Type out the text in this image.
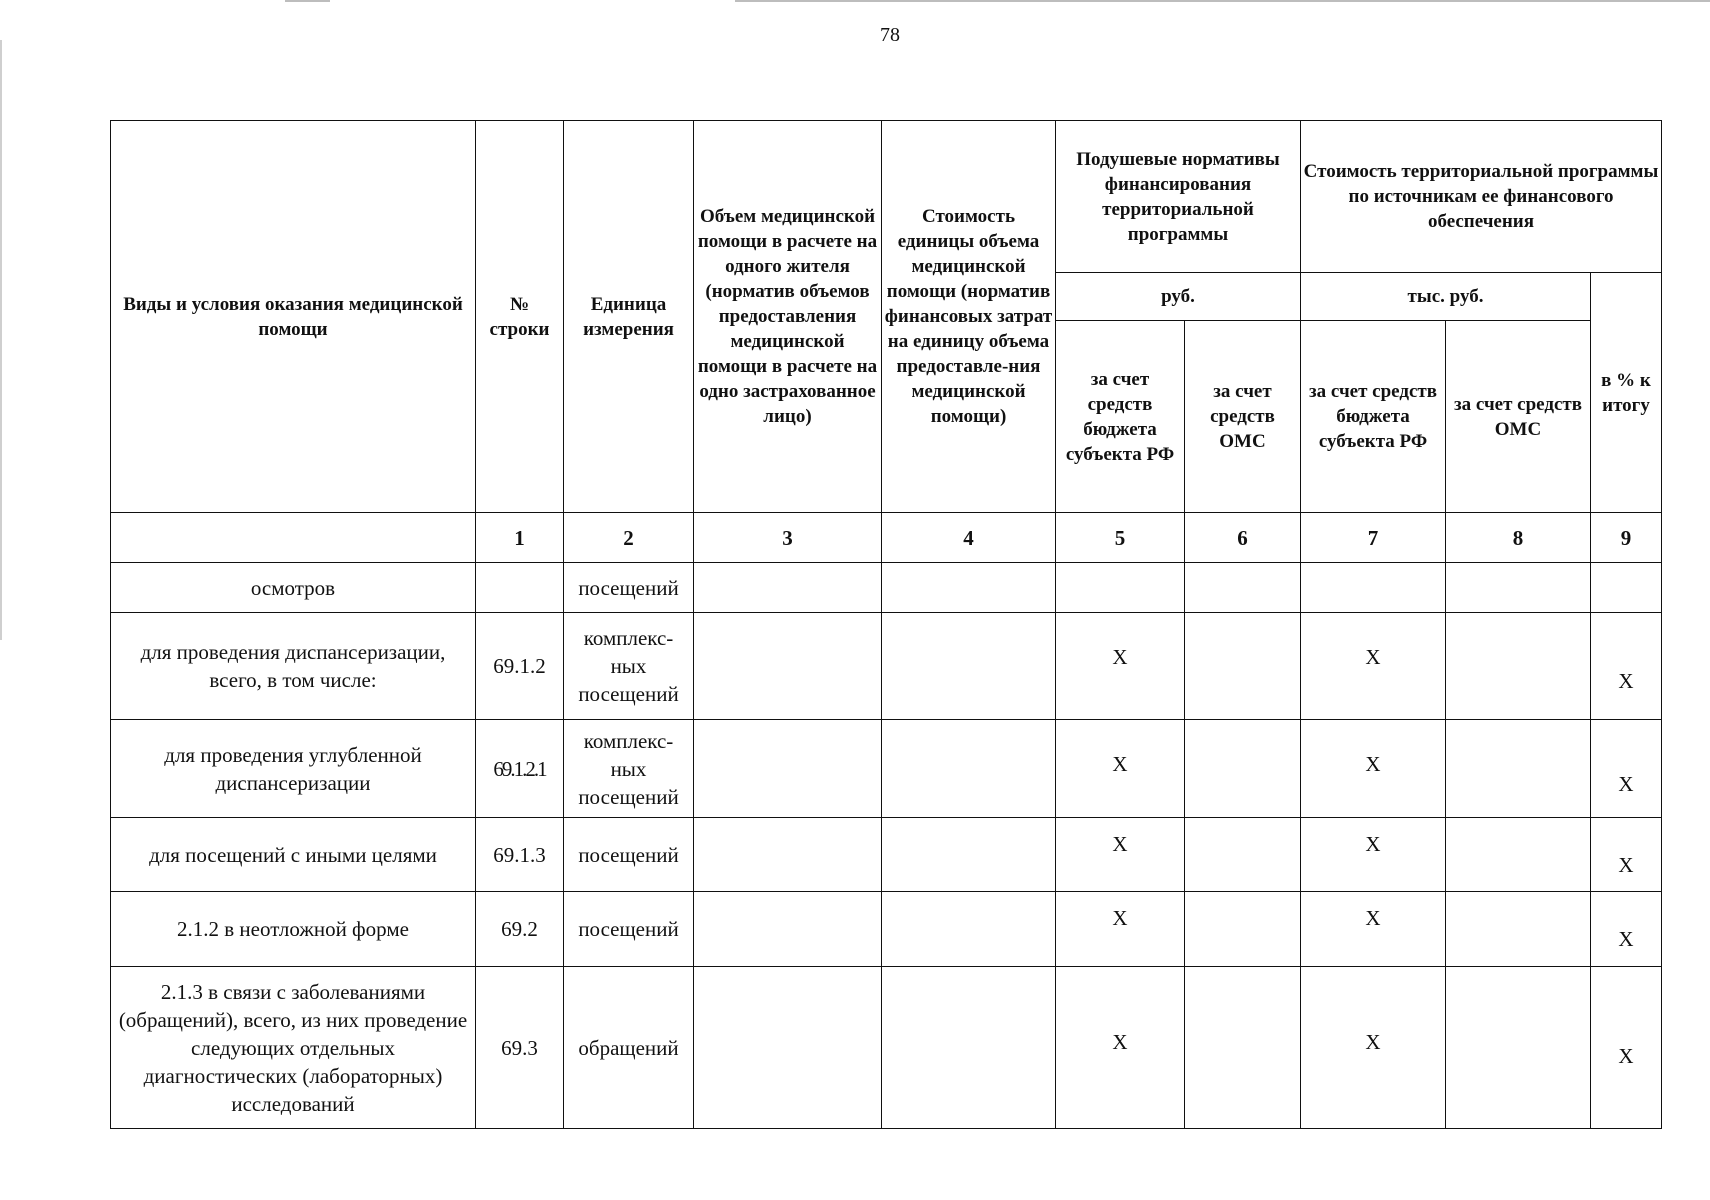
78
Виды и условия оказания медицинской помощи	№ строки	Единица измерения	Объем медицинской помощи в расчете на одного жителя (норматив объемов предоставления медицинской помощи в расчете на одно застрахованное лицо)	Стоимость единицы объема медицинской помощи (норматив финансовых затрат на единицу объема предоставле-ния медицинской помощи)	Подушевые нормативы финансирования территориальной программы		Стоимость территориальной программы по источникам ее финансового обеспечения		
					руб.		тыс. руб.		в % к итогу
					за счет средств бюджета субъекта РФ	за счет средств ОМС	за счет средств бюджета субъекта РФ	за счет средств ОМС	
	1	2	3	4	5	6	7	8	9
осмотров		посещений							
для проведения диспансеризации, всего, в том числе:	69.1.2	комплекс-ных посещений			X		X		X
для проведения углубленной диспансеризации	69.1.2.1	комплекс-ных посещений			X		X		X
для посещений с иными целями	69.1.3	посещений			X		X		X
2.1.2 в неотложной форме	69.2	посещений			X		X		X
2.1.3 в связи с заболеваниями (обращений), всего, из них проведение следующих отдельных диагностических (лабораторных) исследований	69.3	обращений			X		X		X
